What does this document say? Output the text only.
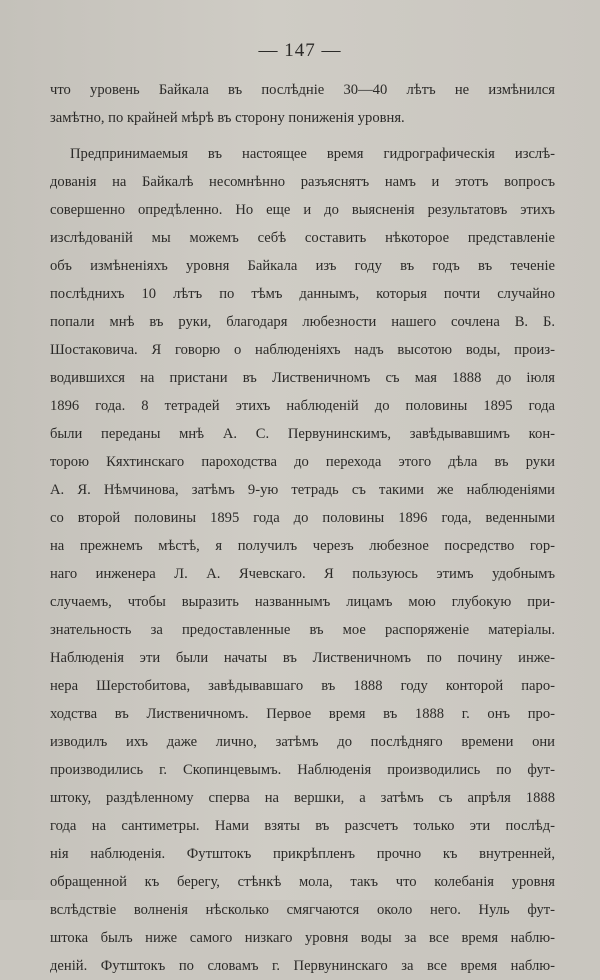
— 147 —
что уровень Байкала въ послѣдніе 30—40 лѣтъ не измѣнился
замѣтно, по крайней мѣрѣ въ сторону пониженія уровня.
Предпринимаемыя въ настоящее время гидрографическія изслѣ-
дованія на Байкалѣ несомнѣнно разъяснятъ намъ и этотъ вопросъ
совершенно опредѣленно. Но еще и до выясненія результатовъ этихъ
изслѣдованій мы можемъ себѣ составить нѣкоторое представленіе
объ измѣненіяхъ уровня Байкала изъ году въ годъ въ теченіе
послѣднихъ 10 лѣтъ по тѣмъ даннымъ, которыя почти случайно
попали мнѣ въ руки, благодаря любезности нашего сочлена В. Б.
Шостаковича. Я говорю о наблюденіяхъ надъ высотою воды, произ-
водившихся на пристани въ Лиственичномъ съ мая 1888 до іюля
1896 года. 8 тетрадей этихъ наблюденій до половины 1895 года
были переданы мнѣ А. С. Первунинскимъ, завѣдывавшимъ кон-
торою Кяхтинскаго пароходства до перехода этого дѣла въ руки
А. Я. Нѣмчинова, затѣмъ 9-ую тетрадь съ такими же наблюденіями
со второй половины 1895 года до половины 1896 года, веденными
на прежнемъ мѣстѣ, я получилъ черезъ любезное посредство гор-
наго инженера Л. А. Ячевскаго. Я пользуюсь этимъ удобнымъ
случаемъ, чтобы выразить названнымъ лицамъ мою глубокую при-
знательность за предоставленные въ мое распоряженіе матеріалы.
Наблюденія эти были начаты въ Лиственичномъ по почину инже-
нера Шерстобитова, завѣдывавшаго въ 1888 году конторой паро-
ходства въ Лиственичномъ. Первое время въ 1888 г. онъ про-
изводилъ ихъ даже лично, затѣмъ до послѣдняго времени они
производились г. Скопинцевымъ. Наблюденія производились по фут-
штоку, раздѣленному сперва на вершки, а затѣмъ съ апрѣля 1888
года на сантиметры. Нами взяты въ разсчетъ только эти послѣд-
нія наблюденія. Футштокъ прикрѣпленъ прочно къ внутренней,
обращенной къ берегу, стѣнкѣ мола, такъ что колебанія уровня
вслѣдствіе волненія нѣсколько смягчаются около него. Нуль фут-
штока былъ ниже самого низкаго уровня воды за все время наблю-
деній. Футштокъ по словамъ г. Первунинскаго за все время наблю-
